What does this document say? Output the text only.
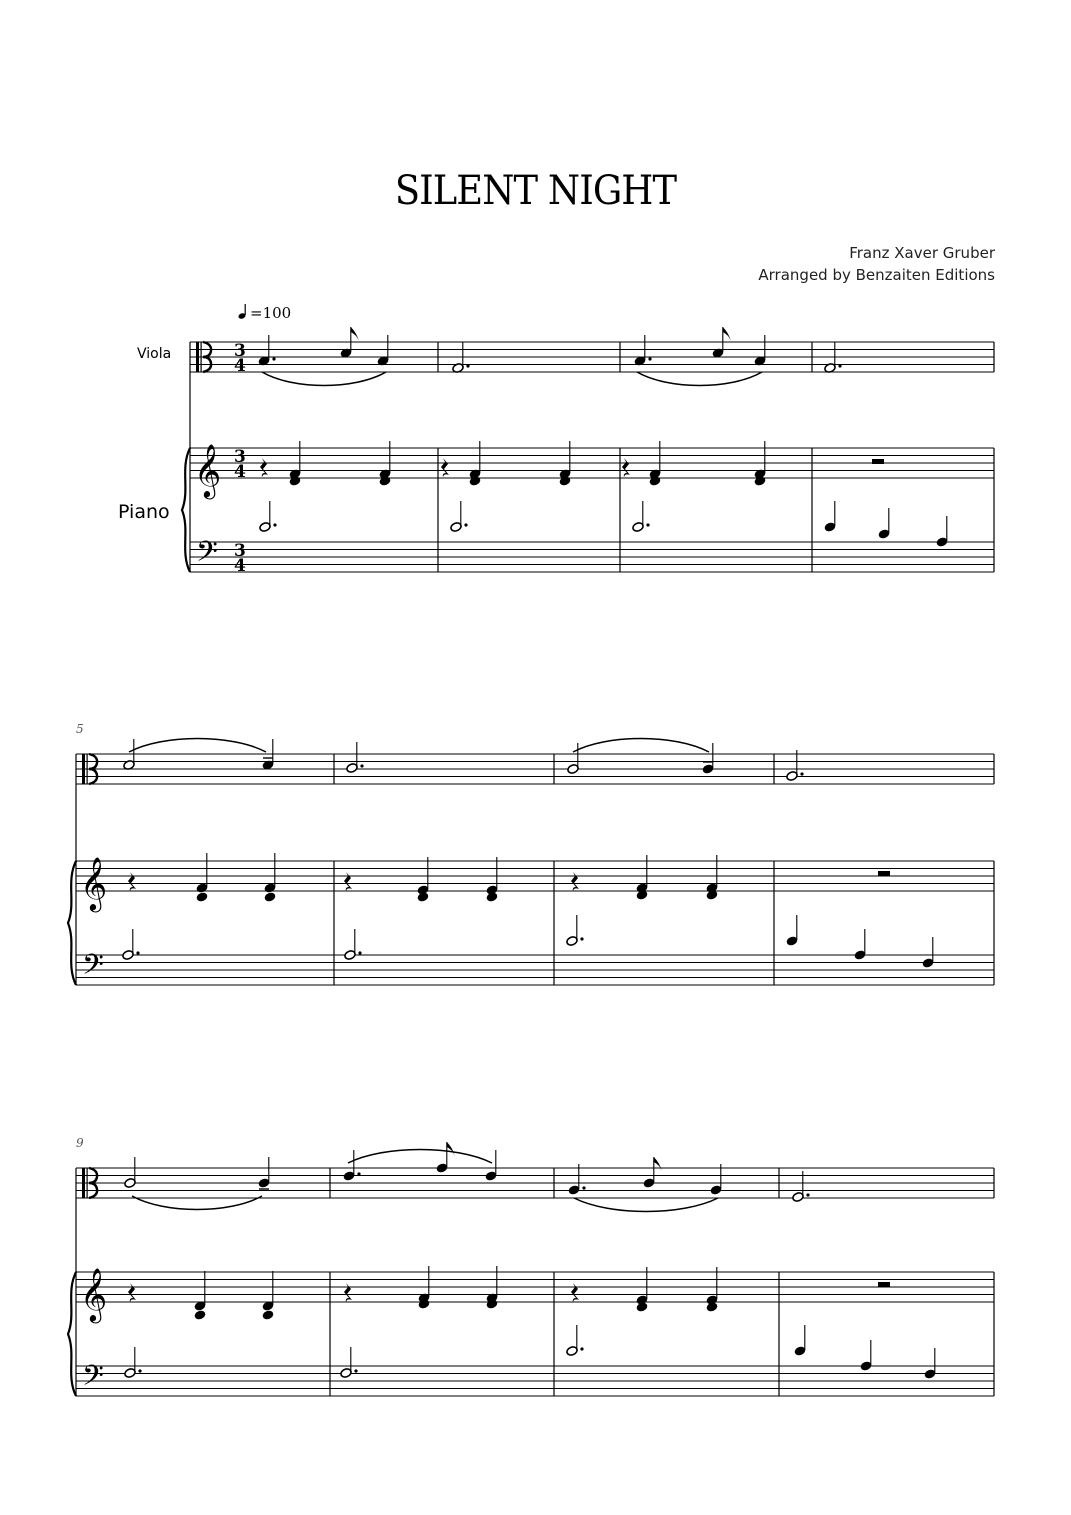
SILENT NIGHT
Franz Xaver Gruber
Arranged by Benzaiten Editions
=100
Viola
Piano
5
9
𝄞
𝄢
3
4
3
4
3
4
𝄞
𝄢
𝄞
𝄢
